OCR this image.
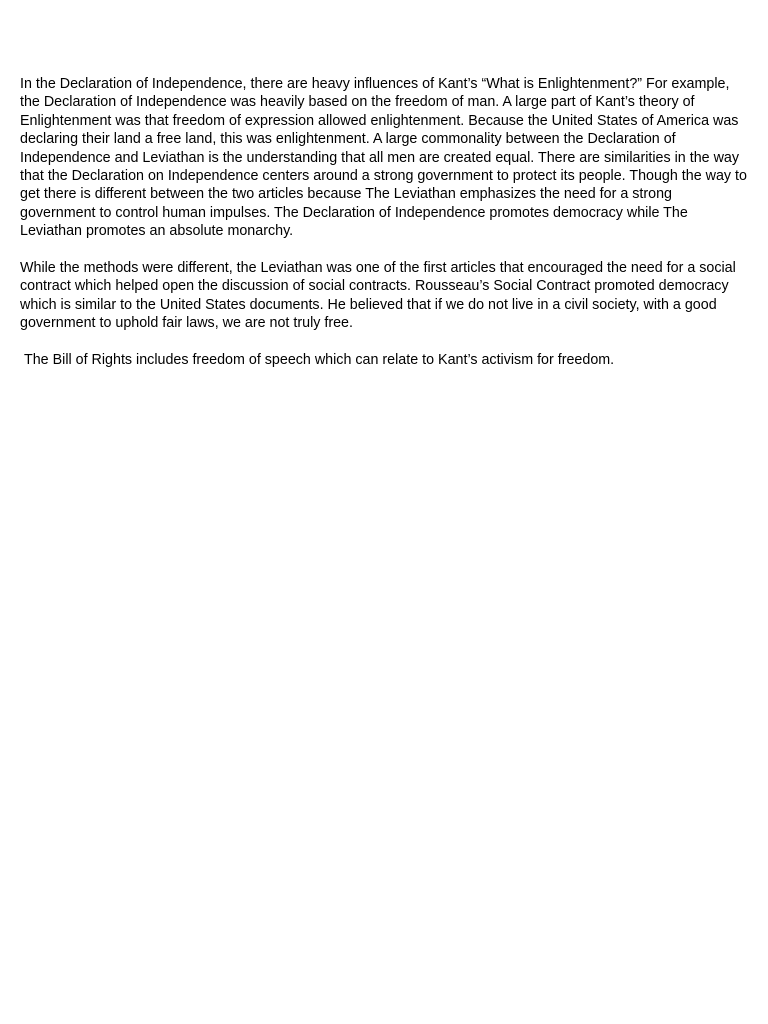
In the Declaration of Independence, there are heavy influences of Kant’s “What is Enlightenment?” For example, the Declaration of Independence was heavily based on the freedom of man. A large part of Kant’s theory of Enlightenment was that freedom of expression allowed enlightenment. Because the United States of America was declaring their land a free land, this was enlightenment. A large commonality between the Declaration of Independence and Leviathan is the understanding that all men are created equal. There are similarities in the way that the Declaration on Independence centers around a strong government to protect its people. Though the way to get there is different between the two articles because The Leviathan emphasizes the need for a strong government to control human impulses. The Declaration of Independence promotes democracy while The Leviathan promotes an absolute monarchy.

While the methods were different, the Leviathan was one of the first articles that encouraged the need for a social contract which helped open the discussion of social contracts. Rousseau’s Social Contract promoted democracy which is similar to the United States documents. He believed that if we do not live in a civil society, with a good government to uphold fair laws, we are not truly free.

The Bill of Rights includes freedom of speech which can relate to Kant’s activism for freedom.
